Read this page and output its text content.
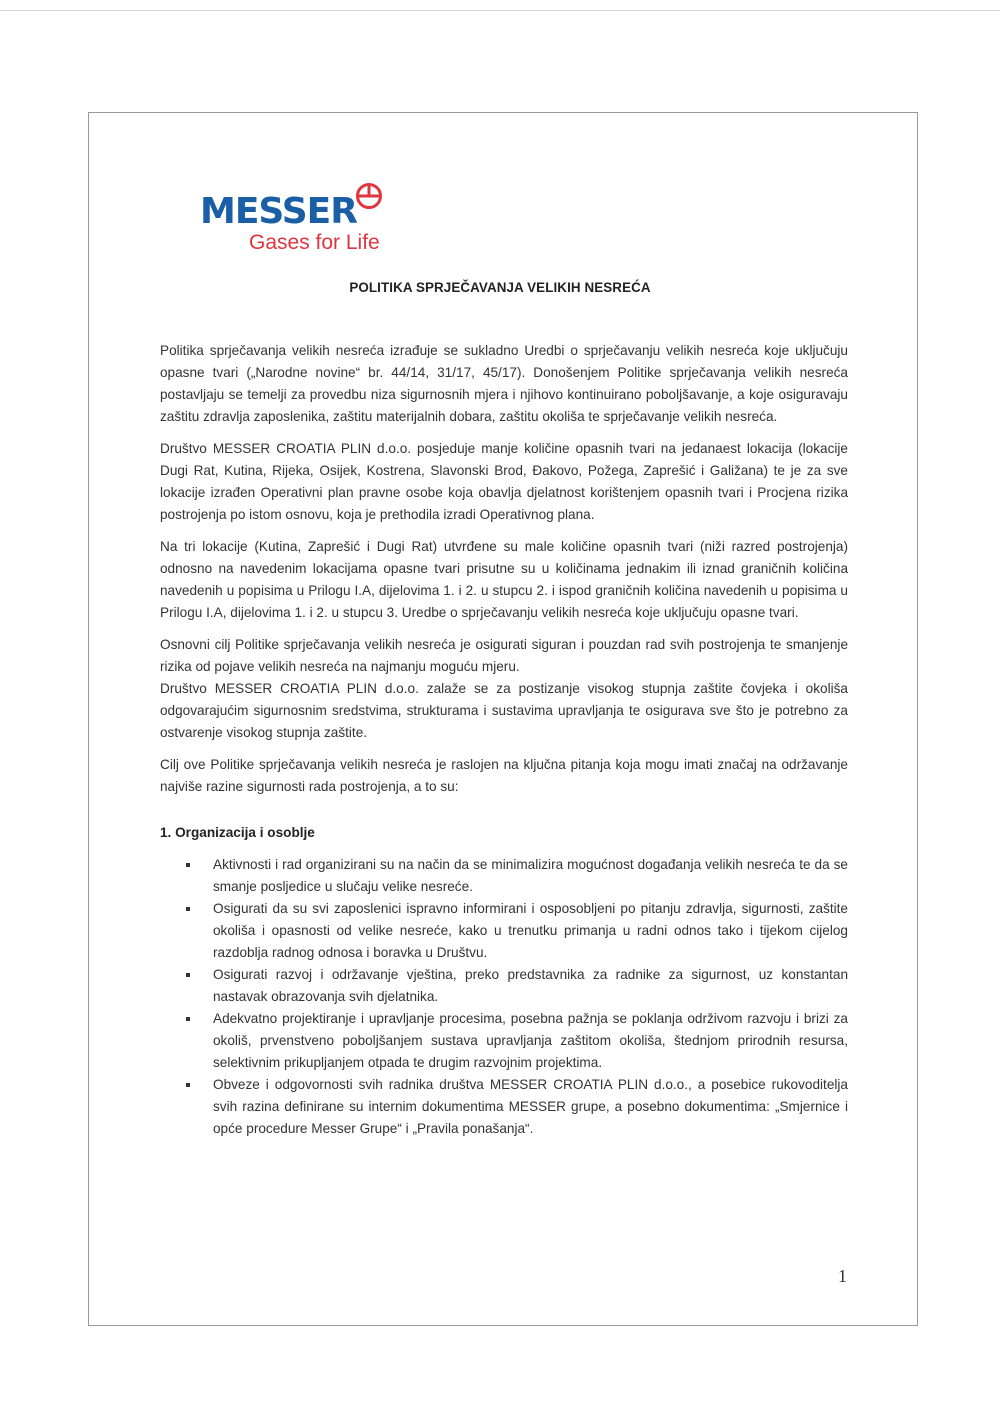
MESSER
Gases for Life
POLITIKA SPRJEČAVANJA VELIKIH NESREĆA

Politika sprječavanja velikih nesreća izrađuje se sukladno Uredbi o sprječavanju velikih nesreća koje uključuju opasne tvari („Narodne novine“ br. 44/14, 31/17, 45/17). Donošenjem Politike sprječavanja velikih nesreća postavljaju se temelji za provedbu niza sigurnosnih mjera i njihovo kontinuirano poboljšavanje, a koje osiguravaju zaštitu zdravlja zaposlenika, zaštitu materijalnih dobara, zaštitu okoliša te sprječavanje velikih nesreća.

Društvo MESSER CROATIA PLIN d.o.o. posjeduje manje količine opasnih tvari na jedanaest lokacija (lokacije Dugi Rat, Kutina, Rijeka, Osijek, Kostrena, Slavonski Brod, Đakovo, Požega, Zaprešić i Galižana) te je za sve lokacije izrađen Operativni plan pravne osobe koja obavlja djelatnost korištenjem opasnih tvari i Procjena rizika postrojenja po istom osnovu, koja je prethodila izradi Operativnog plana.

Na tri lokacije (Kutina, Zaprešić i Dugi Rat) utvrđene su male količine opasnih tvari (niži razred postrojenja) odnosno na navedenim lokacijama opasne tvari prisutne su u količinama jednakim ili iznad graničnih količina navedenih u popisima u Prilogu I.A, dijelovima 1. i 2. u stupcu 2. i ispod graničnih količina navedenih u popisima u Prilogu I.A, dijelovima 1. i 2. u stupcu 3. Uredbe o sprječavanju velikih nesreća koje uključuju opasne tvari.

Osnovni cilj Politike sprječavanja velikih nesreća je osigurati siguran i pouzdan rad svih postrojenja te smanjenje rizika od pojave velikih nesreća na najmanju moguću mjeru.

Društvo MESSER CROATIA PLIN d.o.o. zalaže se za postizanje visokog stupnja zaštite čovjeka i okoliša odgovarajućim sigurnosnim sredstvima, strukturama i sustavima upravljanja te osigurava sve što je potrebno za ostvarenje visokog stupnja zaštite.

Cilj ove Politike sprječavanja velikih nesreća je raslojen na ključna pitanja koja mogu imati značaj na održavanje najviše razine sigurnosti rada postrojenja, a to su:

1. Organizacija i osoblje
Aktivnosti i rad organizirani su na način da se minimalizira mogućnost događanja velikih nesreća te da se smanje posljedice u slučaju velike nesreće.
Osigurati da su svi zaposlenici ispravno informirani i osposobljeni po pitanju zdravlja, sigurnosti, zaštite okoliša i opasnosti od velike nesreće, kako u trenutku primanja u radni odnos tako i tijekom cijelog razdoblja radnog odnosa i boravka u Društvu.
Osigurati razvoj i održavanje vještina, preko predstavnika za radnike za sigurnost, uz konstantan nastavak obrazovanja svih djelatnika.
Adekvatno projektiranje i upravljanje procesima, posebna pažnja se poklanja održivom razvoju i brizi za okoliš, prvenstveno poboljšanjem sustava upravljanja zaštitom okoliša, štednjom prirodnih resursa, selektivnim prikupljanjem otpada te drugim razvojnim projektima.
Obveze i odgovornosti svih radnika društva MESSER CROATIA PLIN d.o.o., a posebice rukovoditelja svih razina definirane su internim dokumentima MESSER grupe, a posebno dokumentima: „Smjernice i opće procedure Messer Grupe“ i „Pravila ponašanja“.
1
